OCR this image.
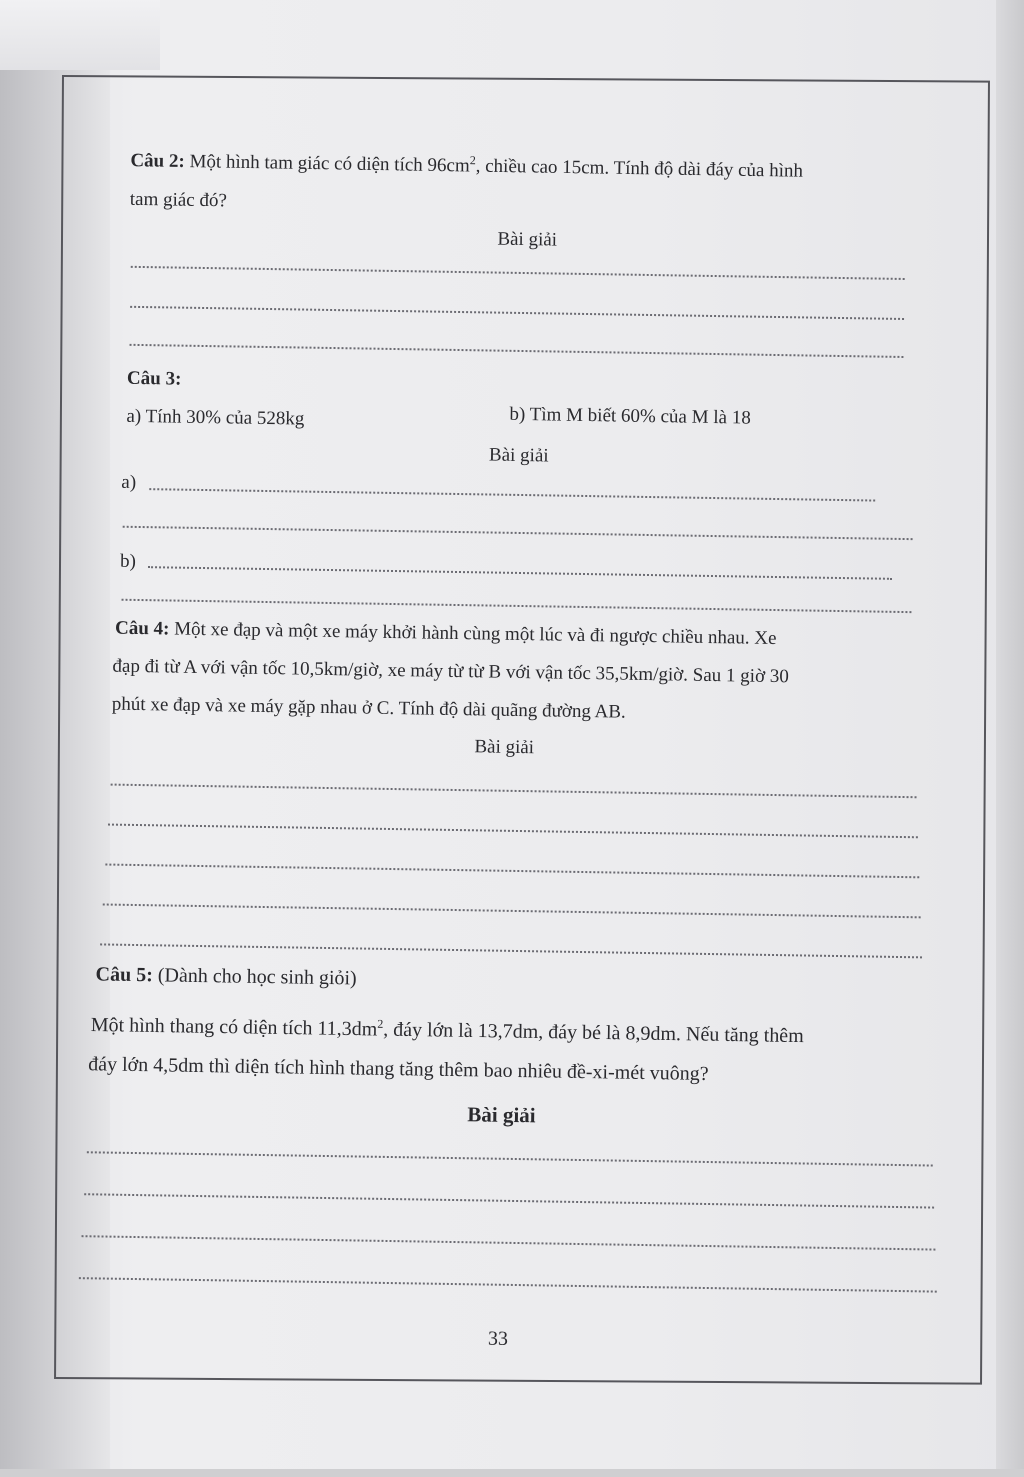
Câu 2: Một hình tam giác có diện tích $96cm^2$, chiều cao 15cm. Tính độ dài đáy của hình
tam giác đó?
Bài giải
Câu 3:
a) Tính 30% của 528kg	b) Tìm M biết 60% của M là 18
Bài giải
a)
b)
Câu 4: Một xe đạp và một xe máy khởi hành cùng một lúc và đi ngược chiều nhau. Xe
đạp đi từ A với vận tốc 10,5km/giờ, xe máy từ từ B với vận tốc 35,5km/giờ. Sau 1 giờ 30
phút xe đạp và xe máy gặp nhau ở C. Tính độ dài quãng đường AB.
Bài giải
Câu 5: (Dành cho học sinh giỏi)
Một hình thang có diện tích $11,3dm^2$, đáy lớn là 13,7dm, đáy bé là 8,9dm. Nếu tăng thêm
đáy lớn 4,5dm thì diện tích hình thang tăng thêm bao nhiêu đề-xi-mét vuông?
Bài giải
33
